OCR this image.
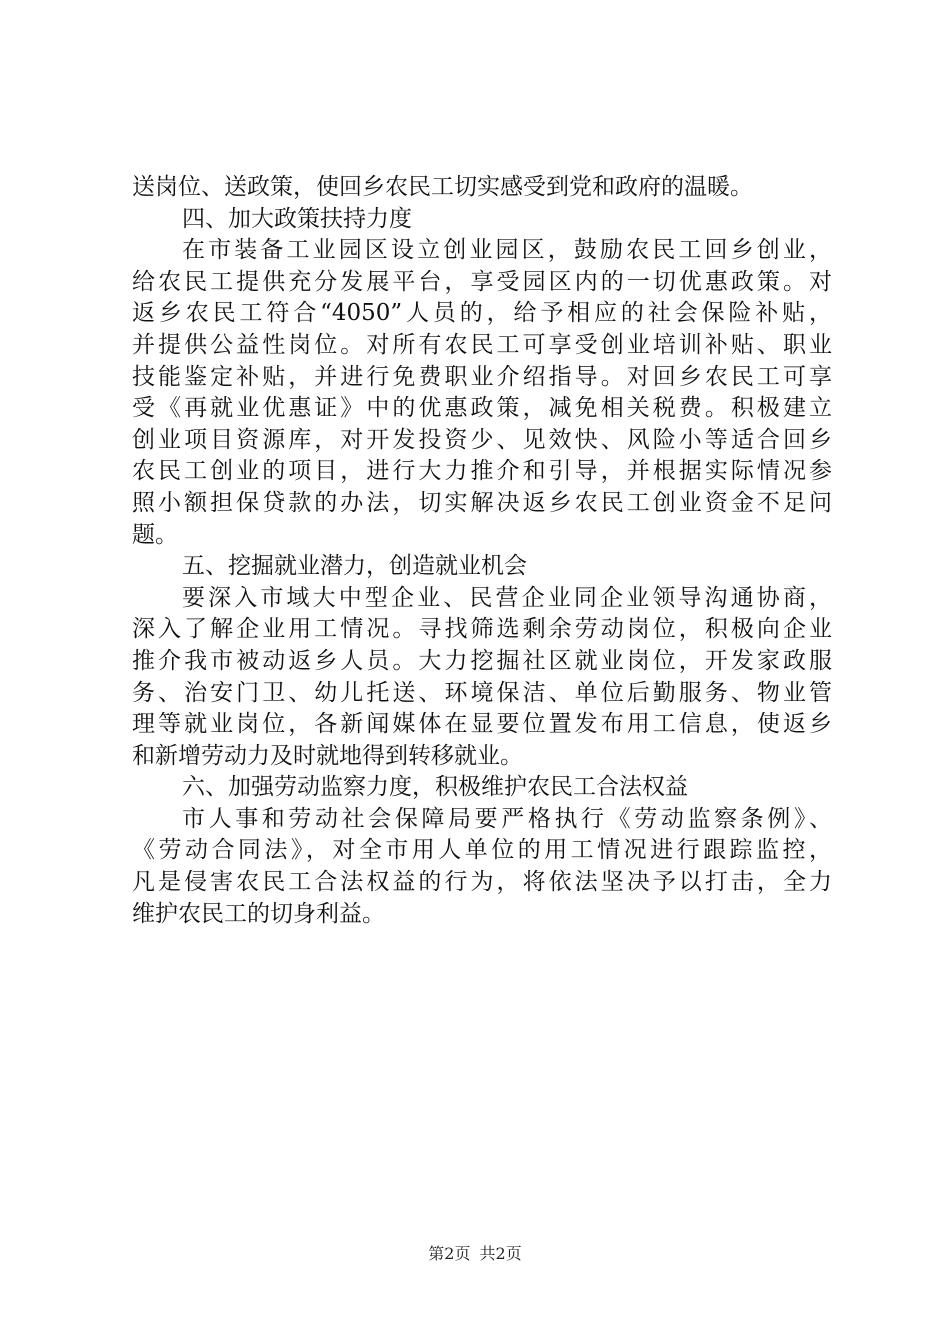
送岗位、送政策，使回乡农民工切实感受到党和政府的温暖。
四、加大政策扶持力度
在市装备工业园区设立创业园区，鼓励农民工回乡创业，
给农民工提供充分发展平台，享受园区内的一切优惠政策。对
返乡农民工符合“4050”人员的，给予相应的社会保险补贴，
并提供公益性岗位。对所有农民工可享受创业培训补贴、职业
技能鉴定补贴，并进行免费职业介绍指导。对回乡农民工可享
受《再就业优惠证》中的优惠政策，减免相关税费。积极建立
创业项目资源库，对开发投资少、见效快、风险小等适合回乡
农民工创业的项目，进行大力推介和引导，并根据实际情况参
照小额担保贷款的办法，切实解决返乡农民工创业资金不足问
题。
五、挖掘就业潜力，创造就业机会
要深入市域大中型企业、民营企业同企业领导沟通协商，
深入了解企业用工情况。寻找筛选剩余劳动岗位，积极向企业
推介我市被动返乡人员。大力挖掘社区就业岗位，开发家政服
务、治安门卫、幼儿托送、环境保洁、单位后勤服务、物业管
理等就业岗位，各新闻媒体在显要位置发布用工信息，使返乡
和新增劳动力及时就地得到转移就业。
六、加强劳动监察力度，积极维护农民工合法权益
市人事和劳动社会保障局要严格执行《劳动监察条例》、
《劳动合同法》，对全市用人单位的用工情况进行跟踪监控，
凡是侵害农民工合法权益的行为，将依法坚决予以打击，全力
维护农民工的切身利益。
第2页 共2页
